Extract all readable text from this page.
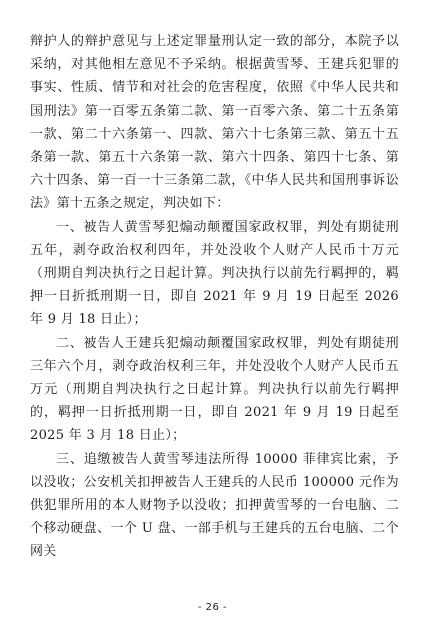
辩护人的辩护意见与上述定罪量刑认定一致的部分，本院予以采纳，对其他相左意见不予采纳。根据黄雪琴、王建兵犯罪的事实、性质、情节和对社会的危害程度，依照《中华人民共和国刑法》第一百零五条第二款、第一百零六条、第二十五条第一款、第二十六条第一、四款、第六十七条第三款、第五十五条第一款、第五十六条第一款、第六十四条、第四十七条、第六十四条、第一百一十三条第二款，《中华人民共和国刑事诉讼法》第十五条之规定，判决如下：

一、被告人黄雪琴犯煽动颠覆国家政权罪，判处有期徒刑五年，剥夺政治权利四年，并处没收个人财产人民币十万元（刑期自判决执行之日起计算。判决执行以前先行羁押的，羁押一日折抵刑期一日，即自 2021 年 9 月 19 日起至 2026 年 9 月 18 日止）；

二、被告人王建兵犯煽动颠覆国家政权罪，判处有期徒刑三年六个月，剥夺政治权利三年，并处没收个人财产人民币五万元（刑期自判决执行之日起计算。判决执行以前先行羁押的，羁押一日折抵刑期一日，即自 2021 年 9 月 19 日起至 2025 年 3 月 18 日止）；

三、追缴被告人黄雪琴违法所得 10000 菲律宾比索，予以没收；公安机关扣押被告人王建兵的人民币 100000 元作为供犯罪所用的本人财物予以没收；扣押黄雪琴的一台电脑、二个移动硬盘、一个 U 盘、一部手机与王建兵的五台电脑、二个网关

- 26 -
